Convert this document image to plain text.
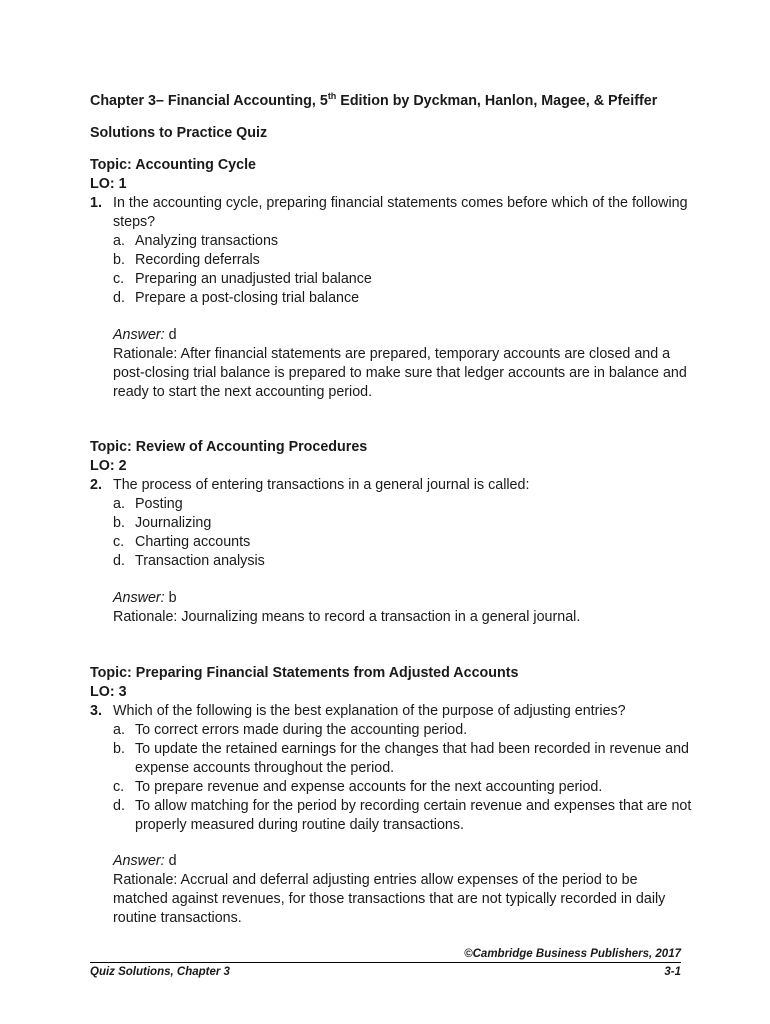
Chapter 3– Financial Accounting, 5th Edition by Dyckman, Hanlon, Magee, & Pfeiffer
Solutions to Practice Quiz
Topic: Accounting Cycle
LO: 1
1. In the accounting cycle, preparing financial statements comes before which of the following
steps?
a. Analyzing transactions
b. Recording deferrals
c. Preparing an unadjusted trial balance
d. Prepare a post-closing trial balance
Answer: d
Rationale: After financial statements are prepared, temporary accounts are closed and a
post-closing trial balance is prepared to make sure that ledger accounts are in balance and
ready to start the next accounting period.
Topic: Review of Accounting Procedures
LO: 2
2. The process of entering transactions in a general journal is called:
a. Posting
b. Journalizing
c. Charting accounts
d. Transaction analysis
Answer: b
Rationale: Journalizing means to record a transaction in a general journal.
Topic: Preparing Financial Statements from Adjusted Accounts
LO: 3
3. Which of the following is the best explanation of the purpose of adjusting entries?
a. To correct errors made during the accounting period.
b. To update the retained earnings for the changes that had been recorded in revenue and
expense accounts throughout the period.
c. To prepare revenue and expense accounts for the next accounting period.
d. To allow matching for the period by recording certain revenue and expenses that are not
properly measured during routine daily transactions.
Answer: d
Rationale: Accrual and deferral adjusting entries allow expenses of the period to be
matched against revenues, for those transactions that are not typically recorded in daily
routine transactions.
©Cambridge Business Publishers, 2017
Quiz Solutions, Chapter 3	3-1
